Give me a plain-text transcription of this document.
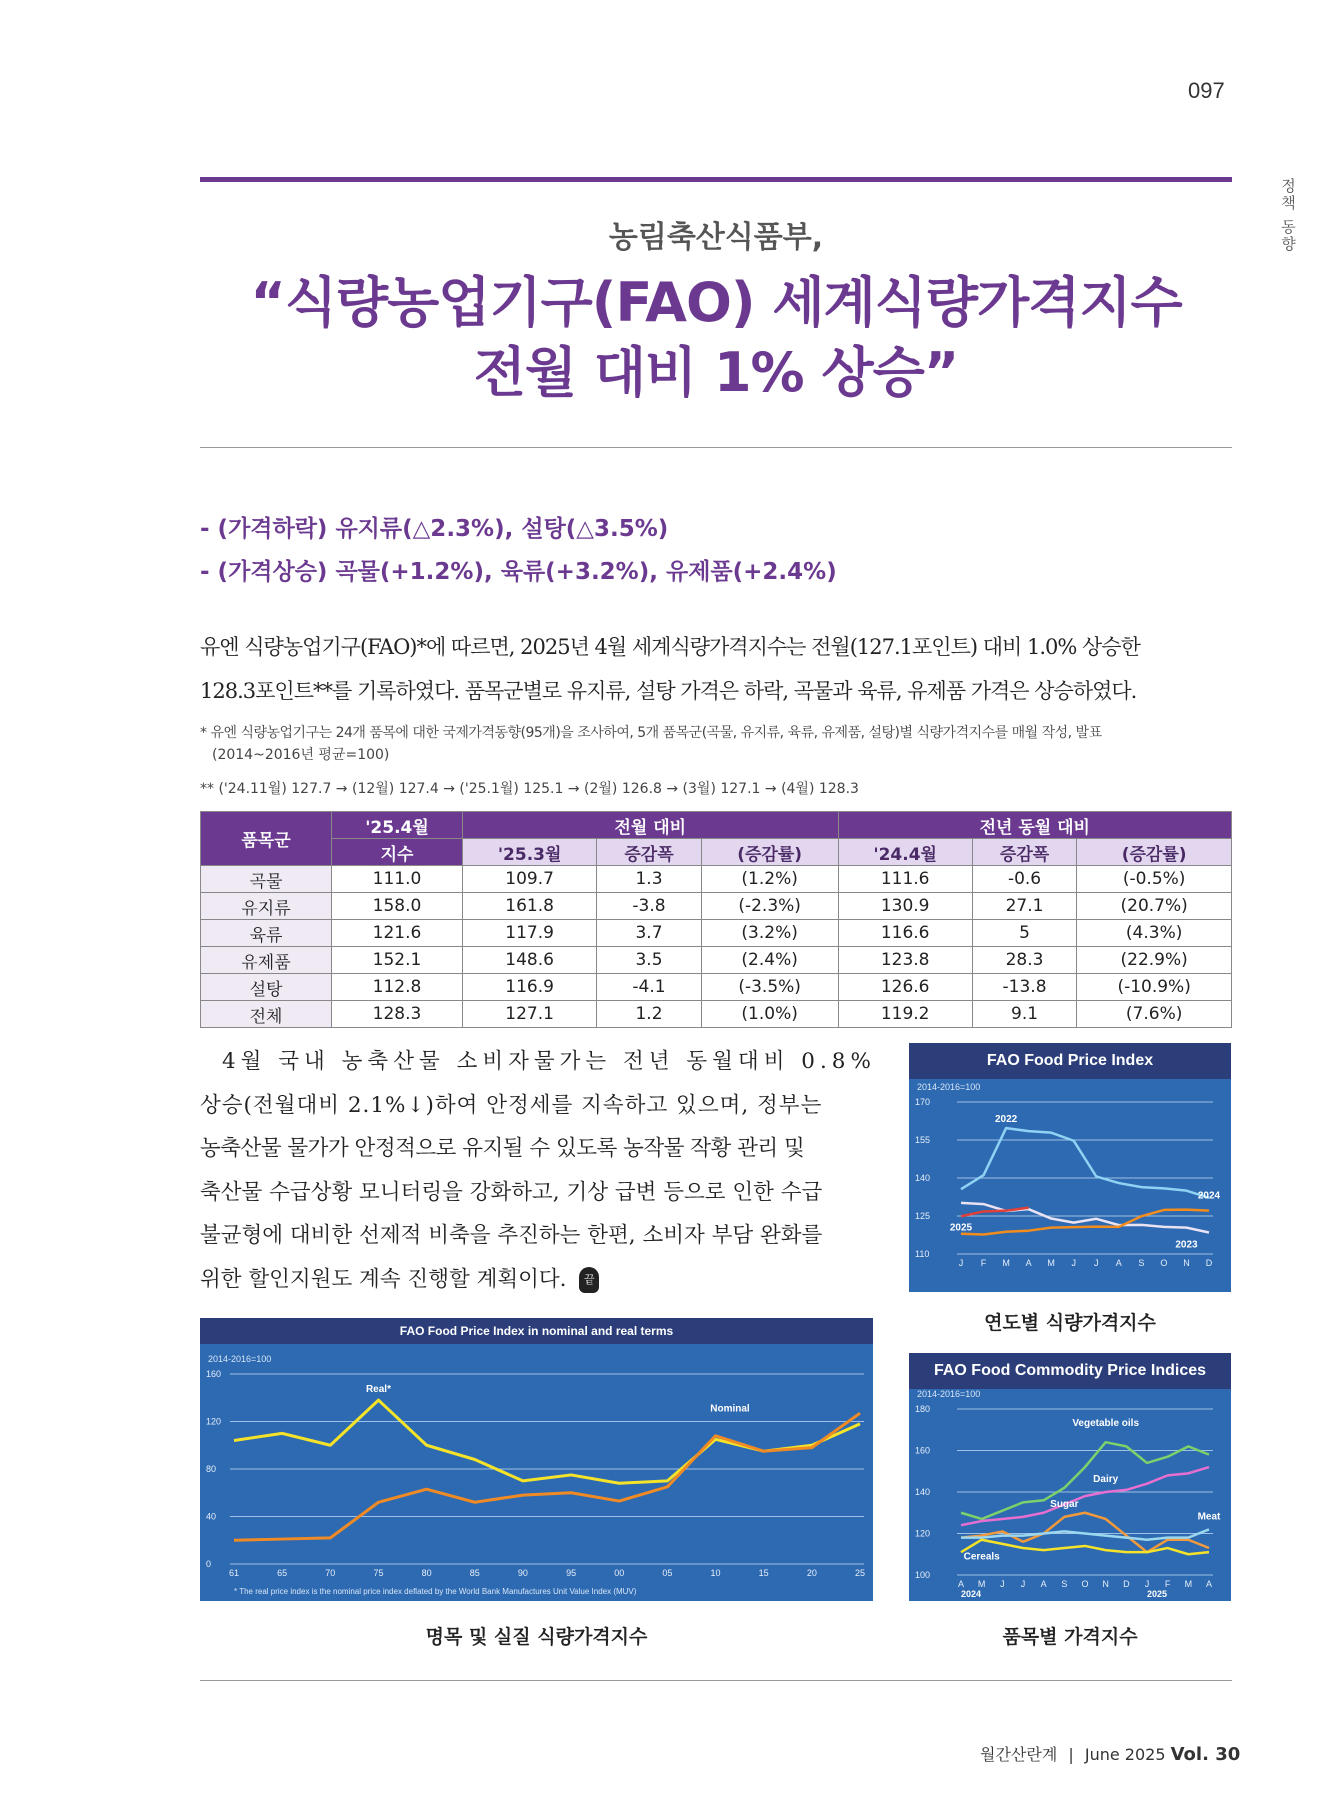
097
정책 동향
농림축산식품부,
“식량농업기구(FAO) 세계식량가격지수
전월 대비 1% 상승”
- (가격하락) 유지류(△2.3%), 설탕(△3.5%)
- (가격상승) 곡물(+1.2%), 육류(+3.2%), 유제품(+2.4%)
유엔 식량농업기구(FAO)*에 따르면, 2025년 4월 세계식량가격지수는 전월(127.1포인트) 대비 1.0% 상승한
128.3포인트**를 기록하였다. 품목군별로 유지류, 설탕 가격은 하락, 곡물과 육류, 유제품 가격은 상승하였다.
* 유엔 식량농업기구는 24개 품목에 대한 국제가격동향(95개)을 조사하여, 5개 품목군(곡물, 유지류, 육류, 유제품, 설탕)별 식량가격지수를 매월 작성, 발표
(2014~2016년 평균=100)
** ('24.11월) 127.7 → (12월) 127.4 → ('25.1월) 125.1 → (2월) 126.8 → (3월) 127.1 → (4월) 128.3
품목군	'25.4월	전월 대비			전년 동월 대비		
	지수	'25.3월	증감폭	(증감률)	'24.4월	증감폭	(증감률)
곡물	111.0	109.7	1.3	(1.2%)	111.6	-0.6	(-0.5%)
유지류	158.0	161.8	-3.8	(-2.3%)	130.9	27.1	(20.7%)
육류	121.6	117.9	3.7	(3.2%)	116.6	5	(4.3%)
유제품	152.1	148.6	3.5	(2.4%)	123.8	28.3	(22.9%)
설탕	112.8	116.9	-4.1	(-3.5%)	126.6	-13.8	(-10.9%)
전체	128.3	127.1	1.2	(1.0%)	119.2	9.1	(7.6%)
4월 국내 농축산물 소비자물가는 전년 동월대비 0.8%
상승(전월대비 2.1%↓)하여 안정세를 지속하고 있으며, 정부는
농축산물 물가가 안정적으로 유지될 수 있도록 농작물 작황 관리 및
축산물 수급상황 모니터링을 강화하고, 기상 급변 등으로 인한 수급
불균형에 대비한 선제적 비축을 추진하는 한편, 소비자 부담 완화를
위한 할인지원도 계속 진행할 계획이다. 끝
FAO Food Price Index
2014-2016=100
110
125
140
155
170
J F M A M J J A S O N D
2022
2024
2025
2023
연도별 식량가격지수
FAO Food Price Index in nominal and real terms
2014-2016=100
0
40
80
120
160
61	65	70	75	80	85	90	95	00	05	10	15	20	25
Real*
Nominal
* The real price index is the nominal price index deflated by the World Bank Manufactures Unit Value Index (MUV)
명목 및 실질 식량가격지수
FAO Food Commodity Price Indices
2014-2016=100
100
120
140
160
180
A M J J A S O N D J F M A
Vegetable oils
Dairy
Sugar
Meat
Cereals
2024	2025
품목별 가격지수
월간산란계 | June 2025 Vol. 30
